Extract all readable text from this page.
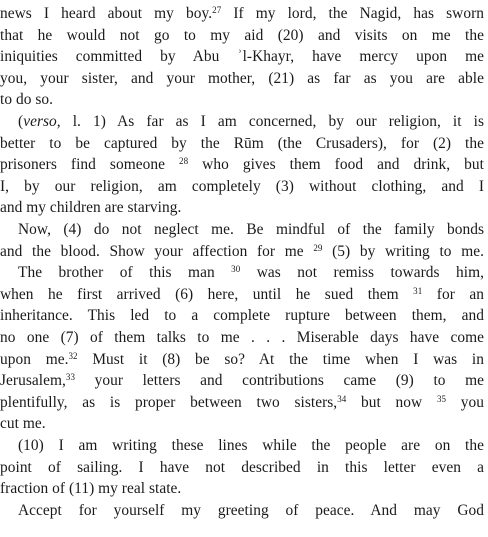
news I heard about my boy.$^{27}$ If my lord, the Nagid, has sworn
that he would not go to my aid (20) and visits on me the
iniquities committed by Abu ʾl-Khayr, have mercy upon me
you, your sister, and your mother, (21) as far as you are able
to do so.
(verso, l. 1) As far as I am concerned, by our religion, it is
better to be captured by the Rūm (the Crusaders), for (2) the
prisoners find someone $^{28}$ who gives them food and drink, but
I, by our religion, am completely (3) without clothing, and I
and my children are starving.
Now, (4) do not neglect me. Be mindful of the family bonds
and the blood. Show your affection for me $^{29}$ (5) by writing to me.
The brother of this man $^{30}$ was not remiss towards him,
when he first arrived (6) here, until he sued them $^{31}$ for an
inheritance. This led to a complete rupture between them, and
no one (7) of them talks to me . . . Miserable days have come
upon me.$^{32}$ Must it (8) be so? At the time when I was in
Jerusalem,$^{33}$ your letters and contributions came (9) to me
plentifully, as is proper between two sisters,$^{34}$ but now $^{35}$ you
cut me.
(10) I am writing these lines while the people are on the
point of sailing. I have not described in this letter even a
fraction of (11) my real state.
Accept for yourself my greeting of peace. And may God
